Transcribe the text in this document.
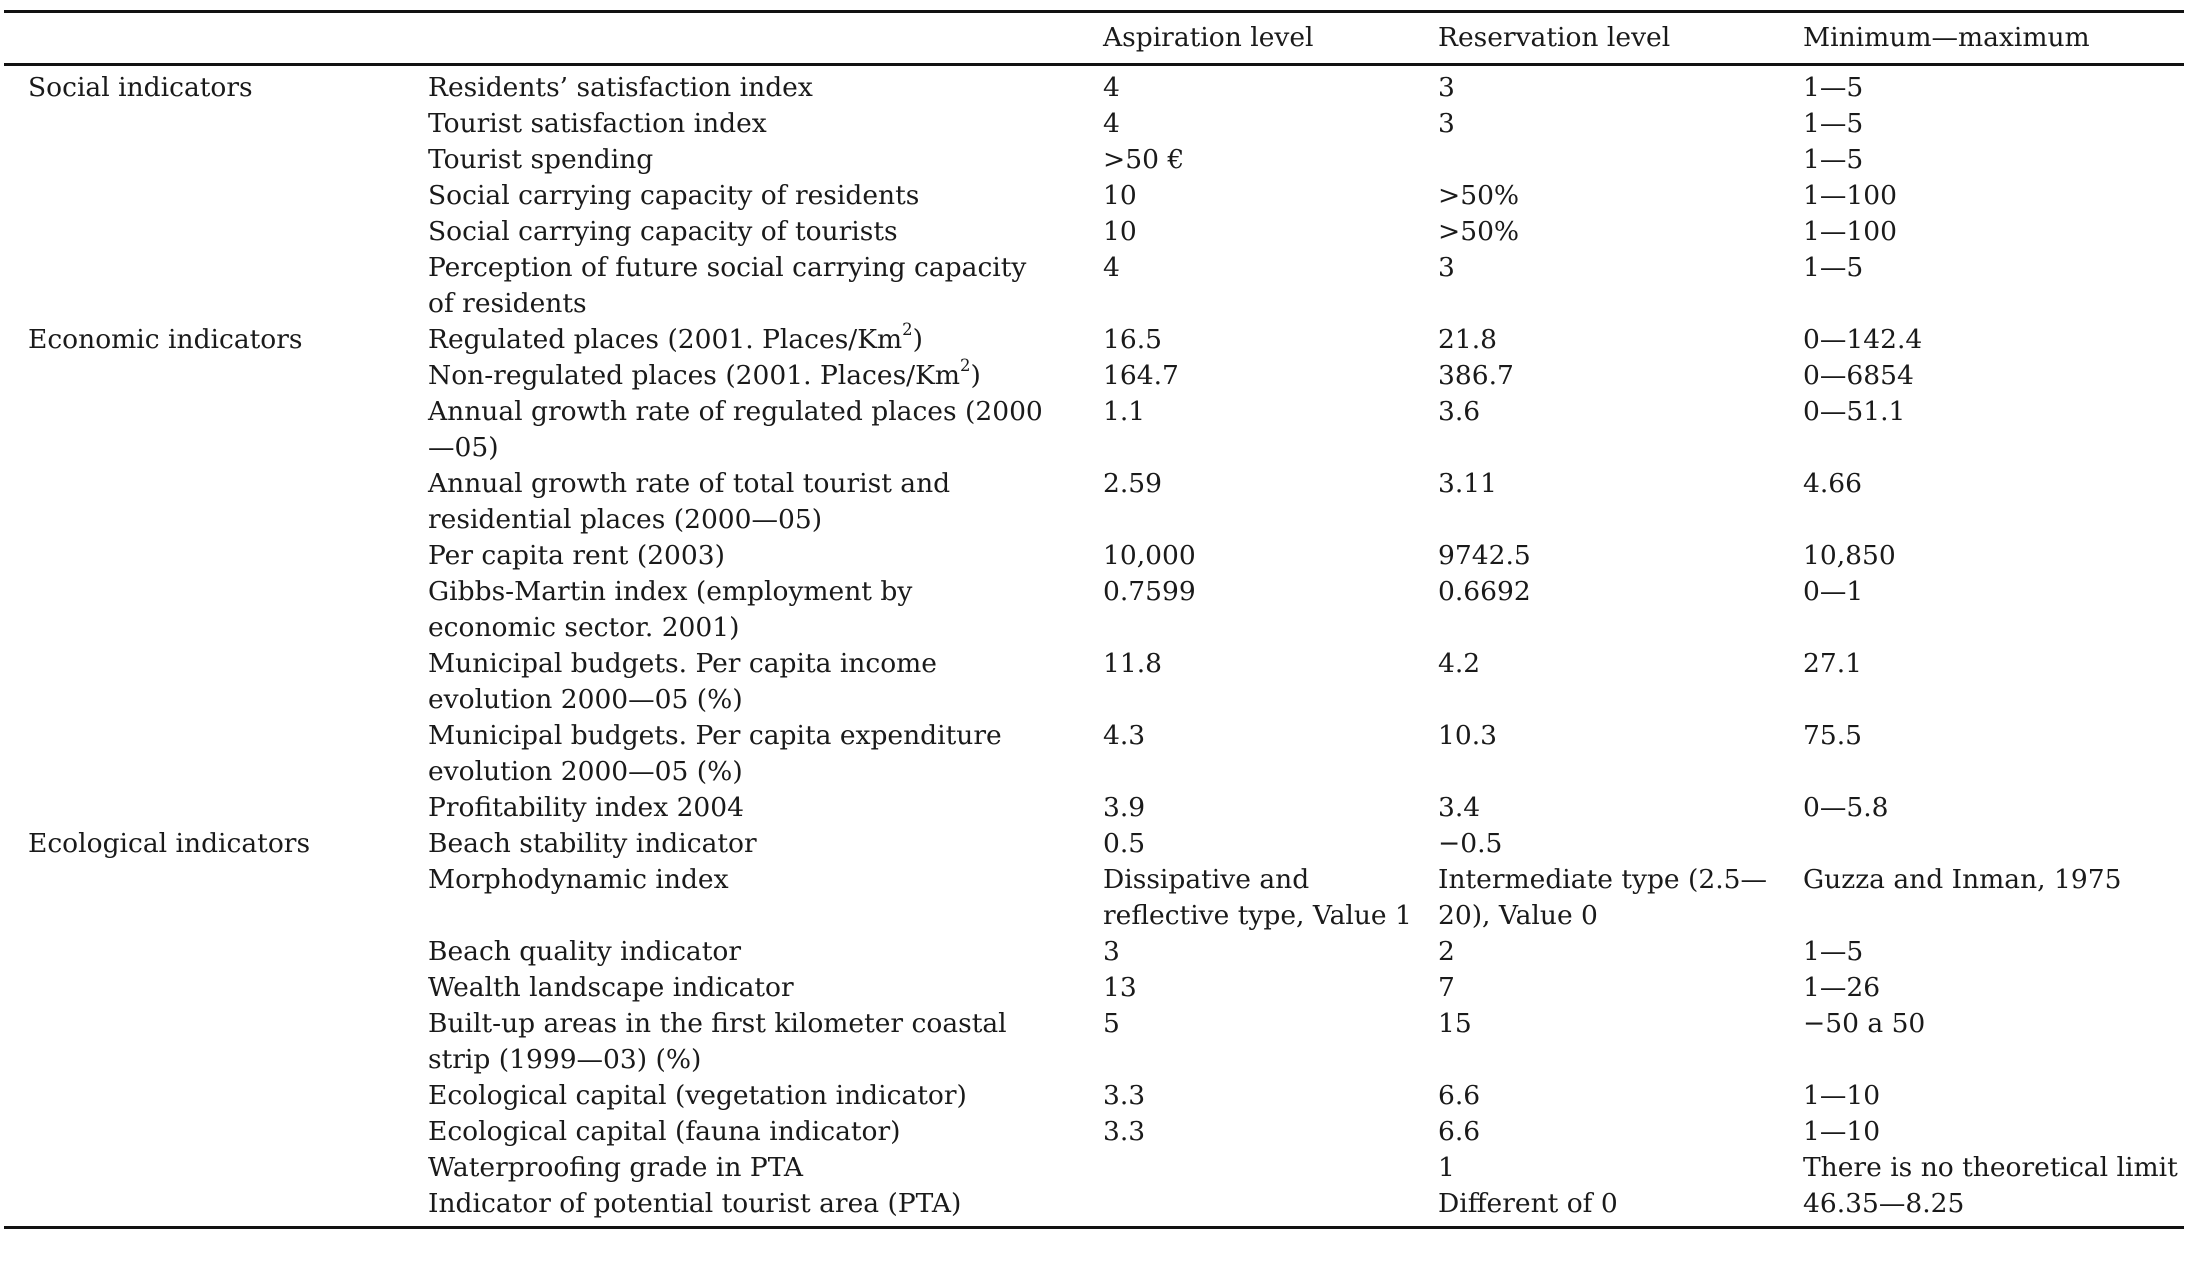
		Aspiration level	Reservation level	Minimum—maximum
Social indicators	Residents’ satisfaction index	4	3	1—5
	Tourist satisfaction index	4	3	1—5
	Tourist spending	>50 €		1—5
	Social carrying capacity of residents	10	>50%	1—100
	Social carrying capacity of tourists	10	>50%	1—100
	Perception of future social carrying capacity of residents	4	3	1—5
Economic indicators	Regulated places (2001. Places/Km$^2$)	16.5	21.8	0—142.4
	Non-regulated places (2001. Places/Km$^2$)	164.7	386.7	0—6854
	Annual growth rate of regulated places (2000—05)	1.1	3.6	0—51.1
	Annual growth rate of total tourist and residential places (2000—05)	2.59	3.11	4.66
	Per capita rent (2003)	10,000	9742.5	10,850
	Gibbs-Martin index (employment by economic sector. 2001)	0.7599	0.6692	0—1
	Municipal budgets. Per capita income evolution 2000—05 (%)	11.8	4.2	27.1
	Municipal budgets. Per capita expenditure evolution 2000—05 (%)	4.3	10.3	75.5
	Profitability index 2004	3.9	3.4	0—5.8
Ecological indicators	Beach stability indicator	0.5	−0.5	
	Morphodynamic index	Dissipative and reflective type, Value 1	Intermediate type (2.5—20), Value 0	Guzza and Inman, 1975
	Beach quality indicator	3	2	1—5
	Wealth landscape indicator	13	7	1—26
	Built-up areas in the first kilometer coastal strip (1999—03) (%)	5	15	−50 a 50
	Ecological capital (vegetation indicator)	3.3	6.6	1—10
	Ecological capital (fauna indicator)	3.3	6.6	1—10
	Waterproofing grade in PTA		1	There is no theoretical limit
	Indicator of potential tourist area (PTA)		Different of 0	46.35—8.25
